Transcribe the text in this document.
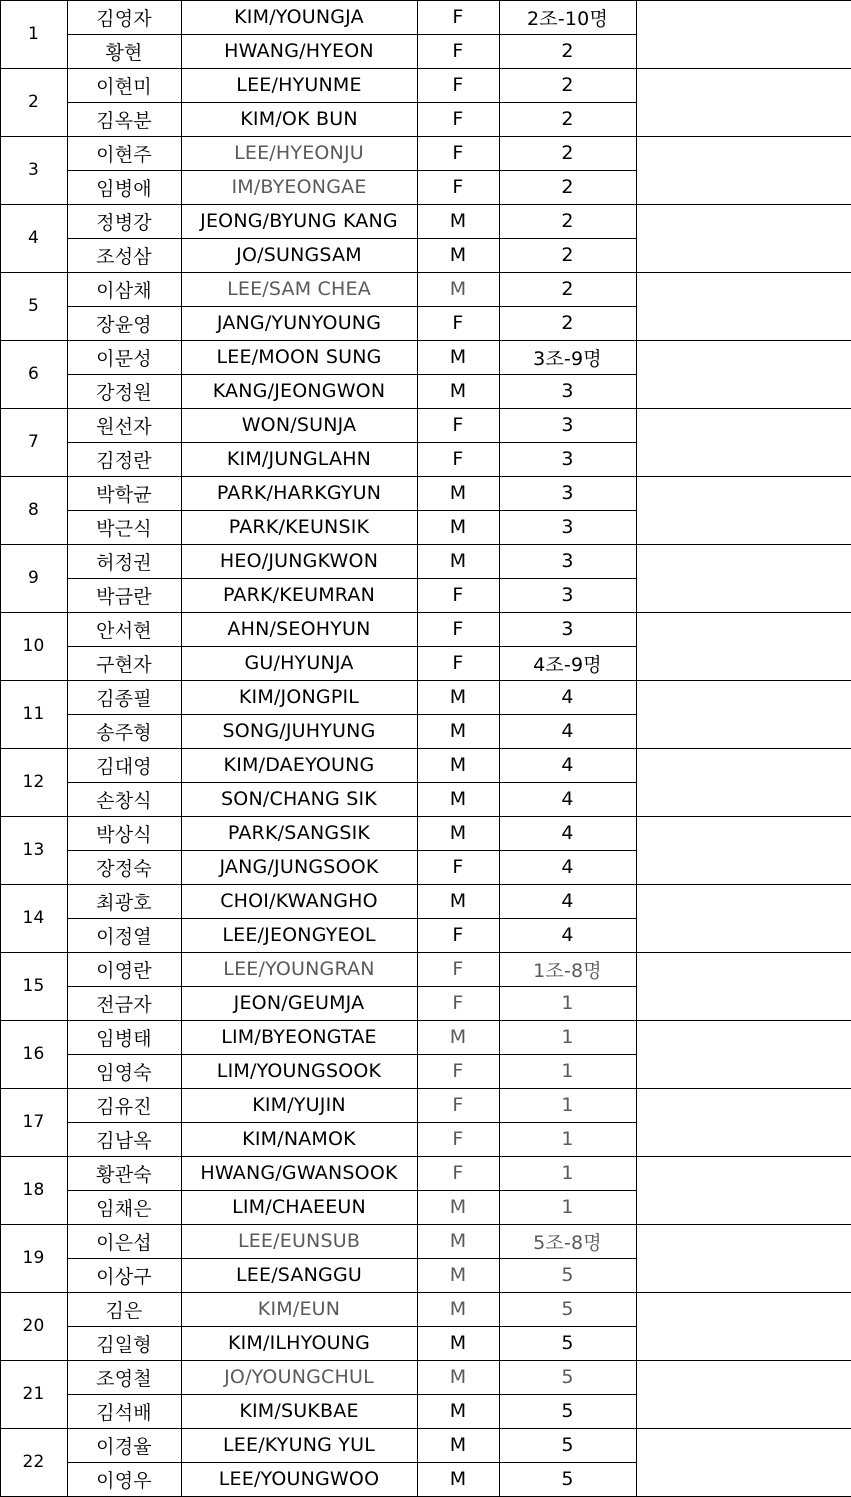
1
김영자	KIM/YOUNGJA	F	2조-10명
황현	HWANG/HYEON	F	2
2
이현미	LEE/HYUNME	F	2
김옥분	KIM/OK BUN	F	2
3
이현주	LEE/HYEONJU	F	2
임병애	IM/BYEONGAE	F	2
4
정병강	JEONG/BYUNG KANG	M	2
조성삼	JO/SUNGSAM	M	2
5
이삼채	LEE/SAM CHEA	M	2
장윤영	JANG/YUNYOUNG	F	2
6
이문성	LEE/MOON SUNG	M	3조-9명
강정원	KANG/JEONGWON	M	3
7
원선자	WON/SUNJA	F	3
김정란	KIM/JUNGLAHN	F	3
8
박학균	PARK/HARKGYUN	M	3
박근식	PARK/KEUNSIK	M	3
9
허정권	HEO/JUNGKWON	M	3
박금란	PARK/KEUMRAN	F	3
10
안서현	AHN/SEOHYUN	F	3
구현자	GU/HYUNJA	F	4조-9명
11
김종필	KIM/JONGPIL	M	4
송주형	SONG/JUHYUNG	M	4
12
김대영	KIM/DAEYOUNG	M	4
손창식	SON/CHANG SIK	M	4
13
박상식	PARK/SANGSIK	M	4
장정숙	JANG/JUNGSOOK	F	4
14
최광호	CHOI/KWANGHO	M	4
이정열	LEE/JEONGYEOL	F	4
15
이영란	LEE/YOUNGRAN	F	1조-8명
전금자	JEON/GEUMJA	F	1
16
임병태	LIM/BYEONGTAE	M	1
임영숙	LIM/YOUNGSOOK	F	1
17
김유진	KIM/YUJIN	F	1
김남옥	KIM/NAMOK	F	1
18
황관숙	HWANG/GWANSOOK	F	1
임채은	LIM/CHAEEUN	M	1
19
이은섭	LEE/EUNSUB	M	5조-8명
이상구	LEE/SANGGU	M	5
20
김은	KIM/EUN	M	5
김일형	KIM/ILHYOUNG	M	5
21
조영철	JO/YOUNGCHUL	M	5
김석배	KIM/SUKBAE	M	5
22
이경율	LEE/KYUNG YUL	M	5
이영우	LEE/YOUNGWOO	M	5
